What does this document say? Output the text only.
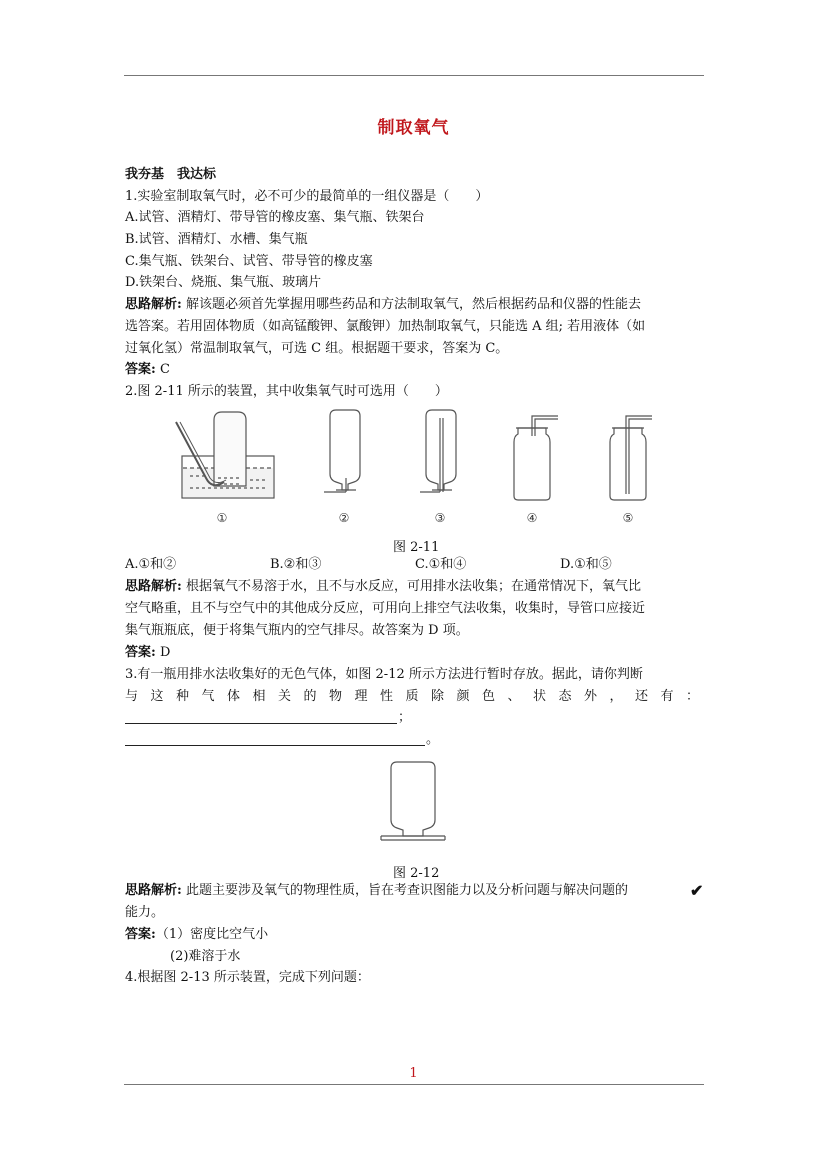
制取氧气
我夯基　我达标
1.实验室制取氧气时，必不可少的最简单的一组仪器是（　　）
A.试管、酒精灯、带导管的橡皮塞、集气瓶、铁架台
B.试管、酒精灯、水槽、集气瓶
C.集气瓶、铁架台、试管、带导管的橡皮塞
D.铁架台、烧瓶、集气瓶、玻璃片
思路解析: 解该题必须首先掌握用哪些药品和方法制取氧气，然后根据药品和仪器的性能去
选答案。若用固体物质（如高锰酸钾、氯酸钾）加热制取氧气，只能选 A 组; 若用液体（如
过氧化氢）常温制取氧气，可选 C 组。根据题干要求，答案为 C。
答案: C
2.图 2-11 所示的装置，其中收集氧气时可选用（　　）
①	②	③	④	⑤
图 2-11
A.①和②	B.②和③	C.①和④	D.①和⑤
思路解析: 根据氧气不易溶于水，且不与水反应，可用排水法收集；在通常情况下，氧气比
空气略重，且不与空气中的其他成分反应，可用向上排空气法收集，收集时，导管口应接近
集气瓶瓶底，便于将集气瓶内的空气排尽。故答案为 D 项。
答案: D
3.有一瓶用排水法收集好的无色气体，如图 2-12 所示方法进行暂时存放。据此，请你判断
与这种气体相关的物理性质除颜色、状态外，还有：
；
。
图 2-12
思路解析: 此题主要涉及氧气的物理性质，旨在考查识图能力以及分析问题与解决问题的	✔
能力。
答案:（1）密度比空气小
(2)难溶于水
4.根据图 2-13 所示装置，完成下列问题：
1
